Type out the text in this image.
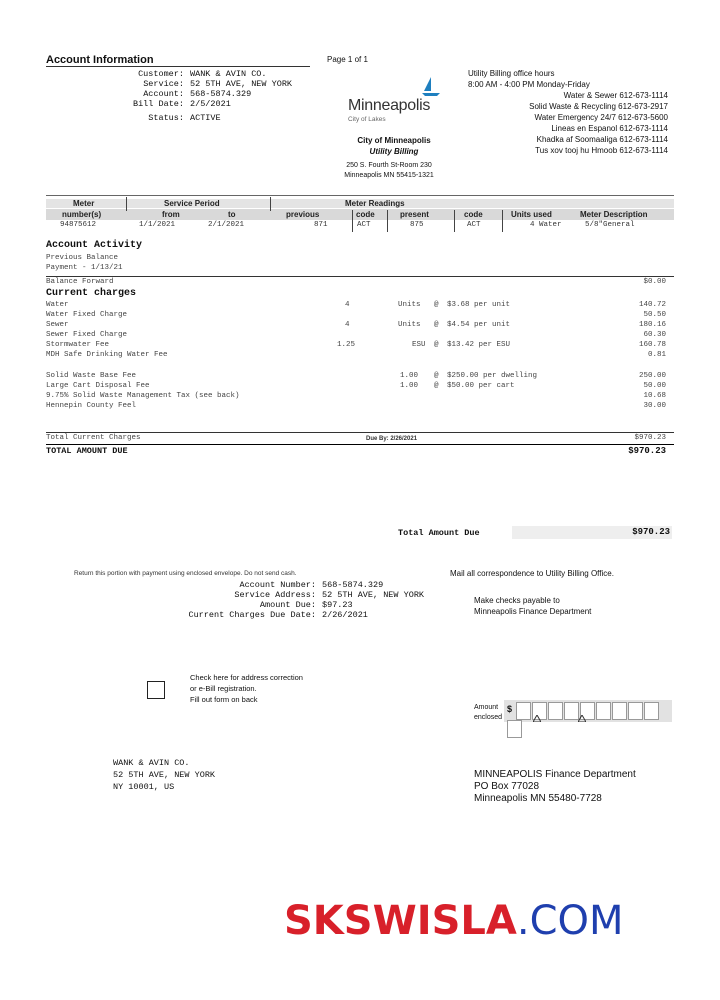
Account Information	Page 1 of 1
Customer: WANK & AVIN CO.
Service: 52 5TH AVE, NEW YORK
Account: 568-5874.329
Bill Date: 2/5/2021
Status: ACTIVE
Minneapolis
City of Lakes
City of Minneapolis
Utility Billing
250 S. Fourth St-Room 230
Minneapolis MN 55415-1321
Utility Billing office hours
8:00 AM - 4:00 PM Monday-Friday
Water & Sewer 612-673-1114
Solid Waste & Recycling 612-673-2917
Water Emergency 24/7 612-673-5600
Lineas en Espanol 612-673-1114
Khadka af Soomaaliga 612-673-1114
Tus xov tooj hu Hmoob 612-673-1114
Meter	Service Period	Meter Readings
number(s)	from	to	previous	code	present	code	Units used	Meter Description
94875612	1/1/2021	2/1/2021	871	ACT	875	ACT	4 Water	5/8"General
Account Activity
Previous Balance
Payment - 1/13/21
Balance Forward	$0.00
Current charges
Water	4	Units @ $3.68 per unit	140.72
Water Fixed Charge	50.50
Sewer	4	Units @ $4.54 per unit	180.16
Sewer Fixed Charge	60.30
Stormwater Fee	1.25	ESU @ $13.42 per ESU	160.78
MDH Safe Drinking Water Fee	0.81
Solid Waste Base Fee	1.00 @ $250.00 per dwelling	250.00
Large Cart Disposal Fee	1.00 @ $50.00 per cart	50.00
9.75% Solid Waste Management Tax (see back)	10.68
Hennepin County Feel	30.00
Total Current Charges	Due By: 2/26/2021	$970.23
TOTAL AMOUNT DUE	$970.23
Total Amount Due	$970.23
Return this portion with payment using enclosed envelope. Do not send cash.	Mail all correspondence to Utility Billing Office.
Account Number: 568-5874.329
Service Address: 52 5TH AVE, NEW YORK
Amount Due: $97.23
Current Charges Due Date: 2/26/2021
Make checks payable to
Minneapolis Finance Department
Check here for address correction
or e-Bill registration.
Fill out form on back
Amount
enclosed
$
WANK & AVIN CO.
52 5TH AVE, NEW YORK
NY 10001, US
MINNEAPOLIS Finance Department
PO Box 77028
Minneapolis MN 55480-7728
SKSWISLA.COM
